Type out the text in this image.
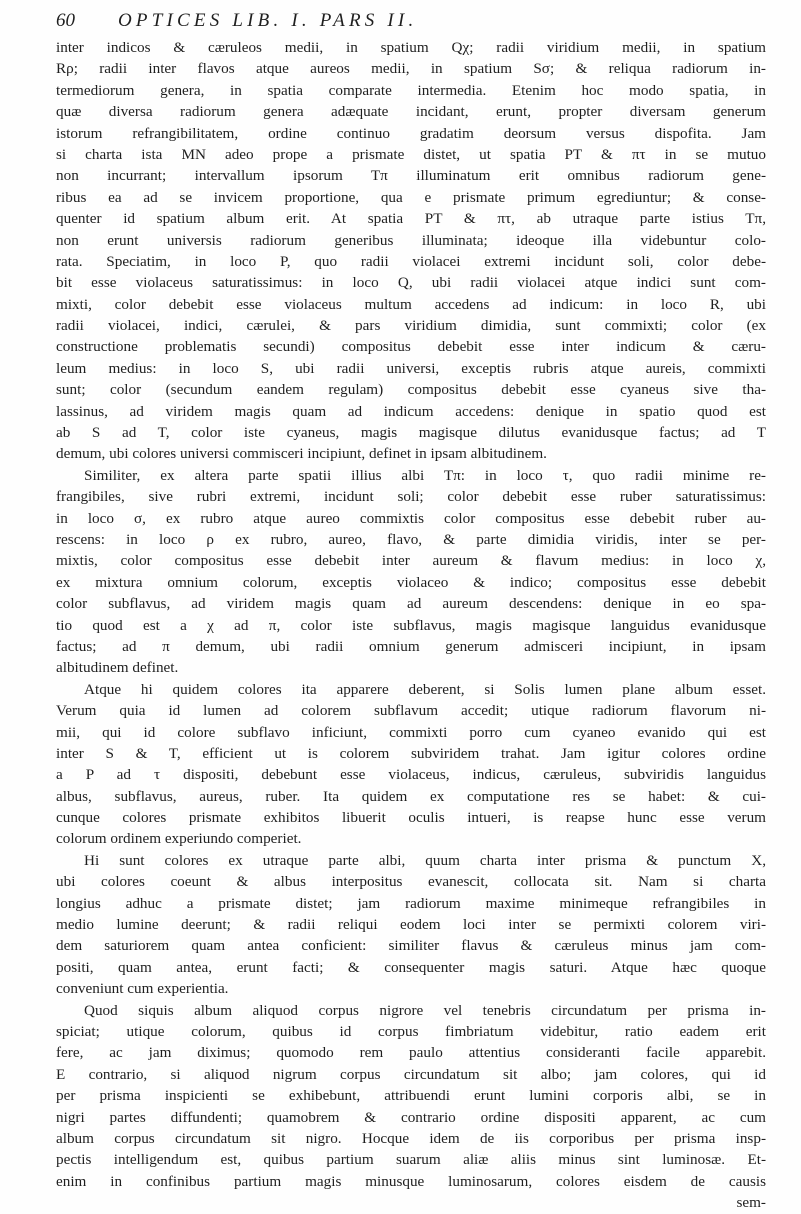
60 OPTICES LIB. I. PARS II.
inter indicos & cæruleos medii, in spatium Qχ; radii viridium medii, in spatium
Rρ; radii inter flavos atque aureos medii, in spatium Sσ; & reliqua radiorum in-
termediorum genera, in spatia comparate intermedia. Etenim hoc modo spatia, in
quæ diversa radiorum genera adæquate incidant, erunt, propter diversam generum
istorum refrangibilitatem, ordine continuo gradatim deorsum versus dispofita. Jam
si charta ista MN adeo prope a prismate distet, ut spatia PT & πτ in se mutuo
non incurrant; intervallum ipsorum Tπ illuminatum erit omnibus radiorum gene-
ribus ea ad se invicem proportione, qua e prismate primum egrediuntur; & conse-
quenter id spatium album erit. At spatia PT & πτ, ab utraque parte istius Tπ,
non erunt universis radiorum generibus illuminata; ideoque illa videbuntur colo-
rata. Speciatim, in loco P, quo radii violacei extremi incidunt soli, color debe-
bit esse violaceus saturatissimus: in loco Q, ubi radii violacei atque indici sunt com-
mixti, color debebit esse violaceus multum accedens ad indicum: in loco R, ubi
radii violacei, indici, cærulei, & pars viridium dimidia, sunt commixti; color (ex
constructione problematis secundi) compositus debebit esse inter indicum & cæru-
leum medius: in loco S, ubi radii universi, exceptis rubris atque aureis, commixti
sunt; color (secundum eandem regulam) compositus debebit esse cyaneus sive tha-
lassinus, ad viridem magis quam ad indicum accedens: denique in spatio quod est
ab S ad T, color iste cyaneus, magis magisque dilutus evanidusque factus; ad T
demum, ubi colores universi commisceri incipiunt, definet in ipsam albitudinem.
Similiter, ex altera parte spatii illius albi Tπ: in loco τ, quo radii minime re-
frangibiles, sive rubri extremi, incidunt soli; color debebit esse ruber saturatissimus:
in loco σ, ex rubro atque aureo commixtis color compositus esse debebit ruber au-
rescens: in loco ρ ex rubro, aureo, flavo, & parte dimidia viridis, inter se per-
mixtis, color compositus esse debebit inter aureum & flavum medius: in loco χ,
ex mixtura omnium colorum, exceptis violaceo & indico; compositus esse debebit
color subflavus, ad viridem magis quam ad aureum descendens: denique in eo spa-
tio quod est a χ ad π, color iste subflavus, magis magisque languidus evanidusque
factus; ad π demum, ubi radii omnium generum admisceri incipiunt, in ipsam
albitudinem definet.
Atque hi quidem colores ita apparere deberent, si Solis lumen plane album esset.
Verum quia id lumen ad colorem subflavum accedit; utique radiorum flavorum ni-
mii, qui id colore subflavo inficiunt, commixti porro cum cyaneo evanido qui est
inter S & T, efficient ut is colorem subviridem trahat. Jam igitur colores ordine
a P ad τ dispositi, debebunt esse violaceus, indicus, cæruleus, subviridis languidus
albus, subflavus, aureus, ruber. Ita quidem ex computatione res se habet: & cui-
cunque colores prismate exhibitos libuerit oculis intueri, is reapse hunc esse verum
colorum ordinem experiundo comperiet.
Hi sunt colores ex utraque parte albi, quum charta inter prisma & punctum X,
ubi colores coeunt & albus interpositus evanescit, collocata sit. Nam si charta
longius adhuc a prismate distet; jam radiorum maxime minimeque refrangibiles in
medio lumine deerunt; & radii reliqui eodem loci inter se permixti colorem viri-
dem saturiorem quam antea conficient: similiter flavus & cæruleus minus jam com-
positi, quam antea, erunt facti; & consequenter magis saturi. Atque hæc quoque
conveniunt cum experientia.
Quod siquis album aliquod corpus nigrore vel tenebris circundatum per prisma in-
spiciat; utique colorum, quibus id corpus fimbriatum videbitur, ratio eadem erit
fere, ac jam diximus; quomodo rem paulo attentius consideranti facile apparebit.
E contrario, si aliquod nigrum corpus circundatum sit albo; jam colores, qui id
per prisma inspicienti se exhibebunt, attribuendi erunt lumini corporis albi, se in
nigri partes diffundenti; quamobrem & contrario ordine dispositi apparent, ac cum
album corpus circundatum sit nigro. Hocque idem de iis corporibus per prisma insp-
pectis intelligendum est, quibus partium suarum aliæ aliis minus sint luminosæ. Et-
enim in confinibus partium magis minusque luminosarum, colores eisdem de causis
sem-
